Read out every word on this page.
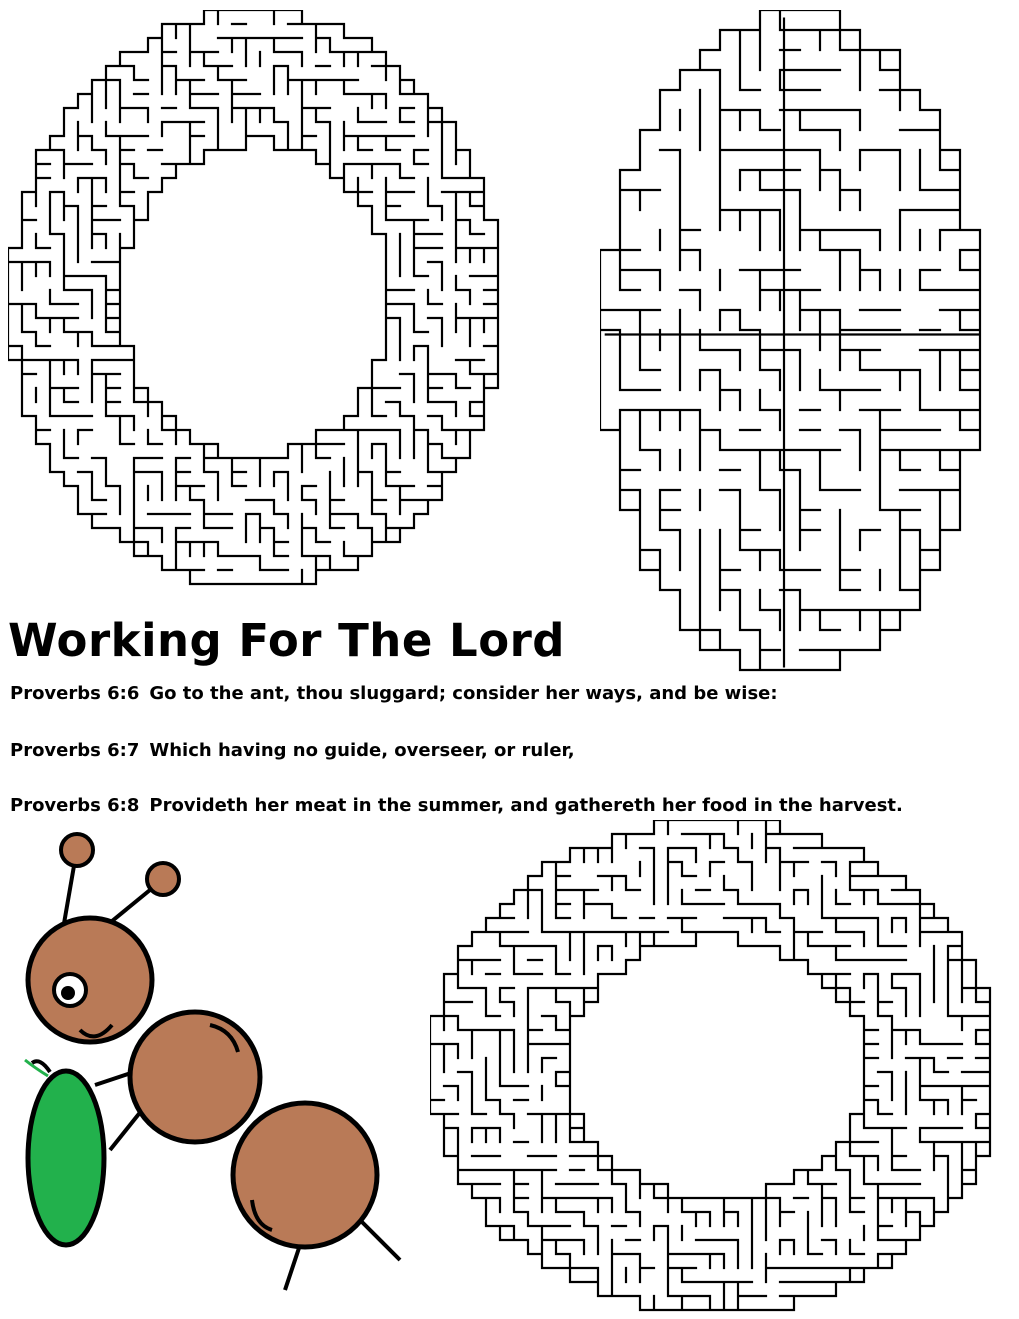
Working For The Lord
Proverbs 6:6 Go to the ant, thou sluggard; consider her ways, and be wise:
Proverbs 6:7 Which having no guide, overseer, or ruler,
Proverbs 6:8 Provideth her meat in the summer, and gathereth her food in the harvest.
